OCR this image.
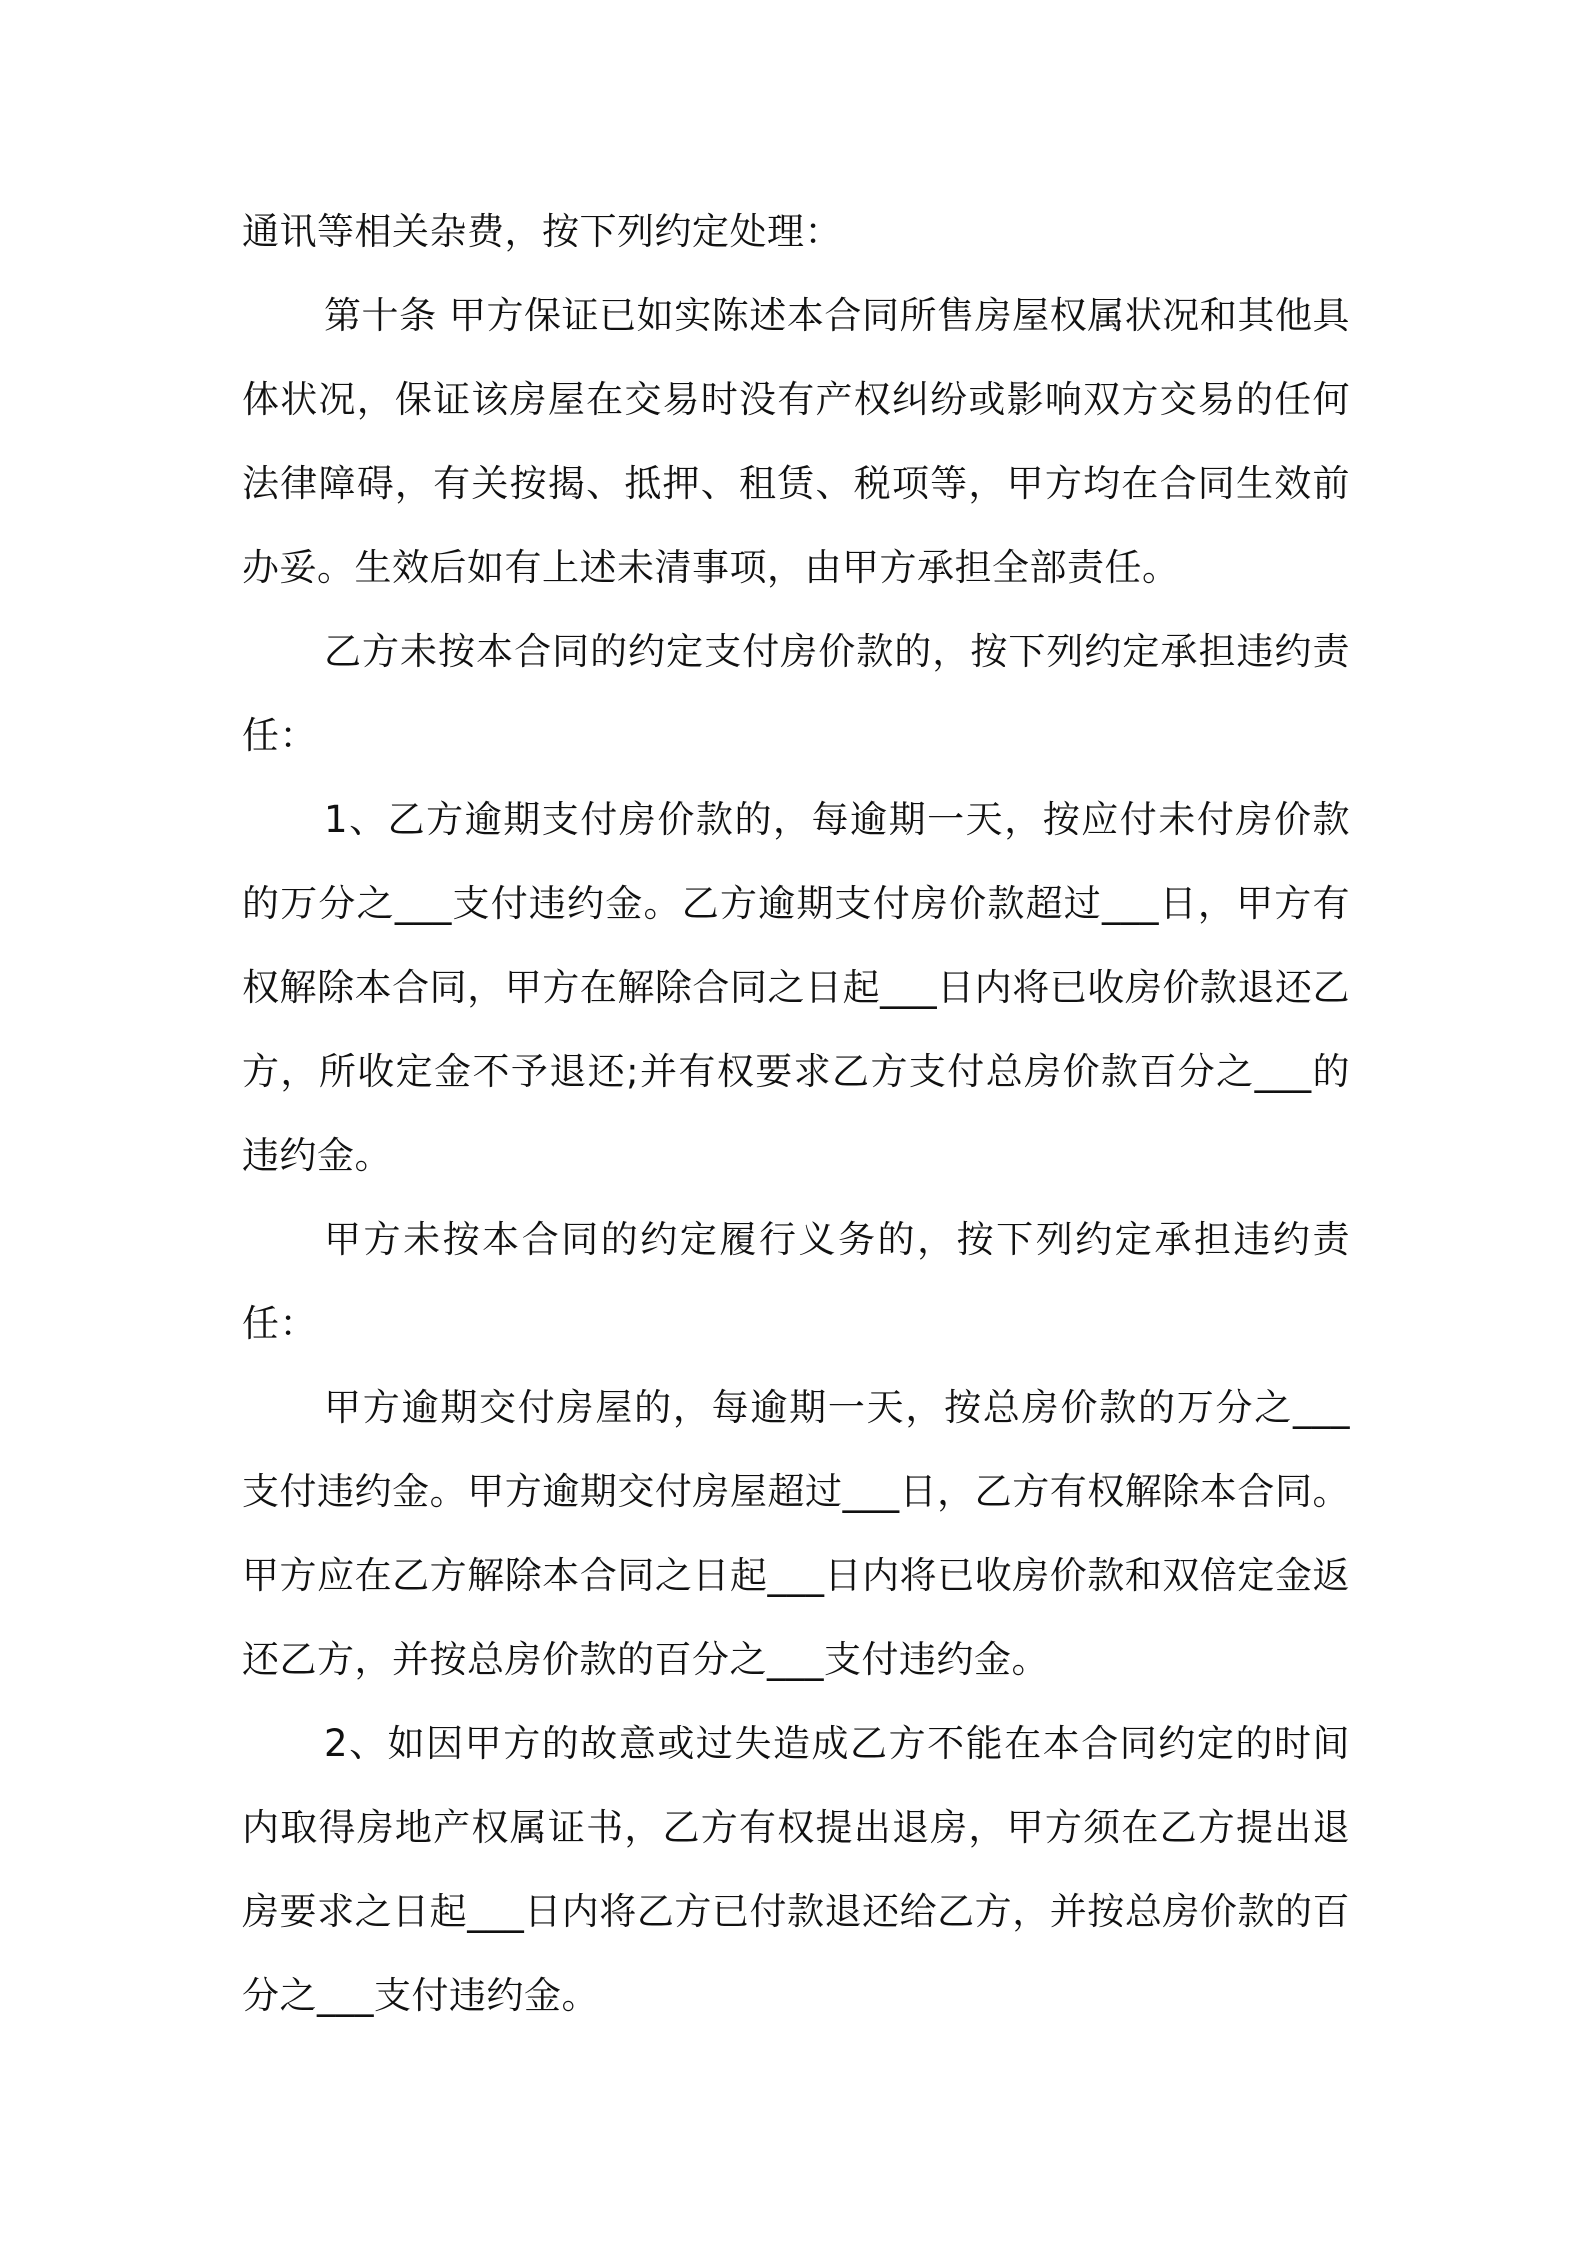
通讯等相关杂费，按下列约定处理：

第十条 甲方保证已如实陈述本合同所售房屋权属状况和其他具体状况，保证该房屋在交易时没有产权纠纷或影响双方交易的任何法律障碍，有关按揭、抵押、租赁、税项等，甲方均在合同生效前办妥。生效后如有上述未清事项，由甲方承担全部责任。

乙方未按本合同的约定支付房价款的，按下列约定承担违约责任：

1、乙方逾期支付房价款的，每逾期一天，按应付未付房价款的万分之___支付违约金。乙方逾期支付房价款超过___日，甲方有权解除本合同，甲方在解除合同之日起___日内将已收房价款退还乙方，所收定金不予退还;并有权要求乙方支付总房价款百分之___的违约金。

甲方未按本合同的约定履行义务的，按下列约定承担违约责任：

甲方逾期交付房屋的，每逾期一天，按总房价款的万分之___支付违约金。甲方逾期交付房屋超过___日，乙方有权解除本合同。甲方应在乙方解除本合同之日起___日内将已收房价款和双倍定金返还乙方，并按总房价款的百分之___支付违约金。

2、如因甲方的故意或过失造成乙方不能在本合同约定的时间内取得房地产权属证书，乙方有权提出退房，甲方须在乙方提出退房要求之日起___日内将乙方已付款退还给乙方，并按总房价款的百分之___支付违约金。
